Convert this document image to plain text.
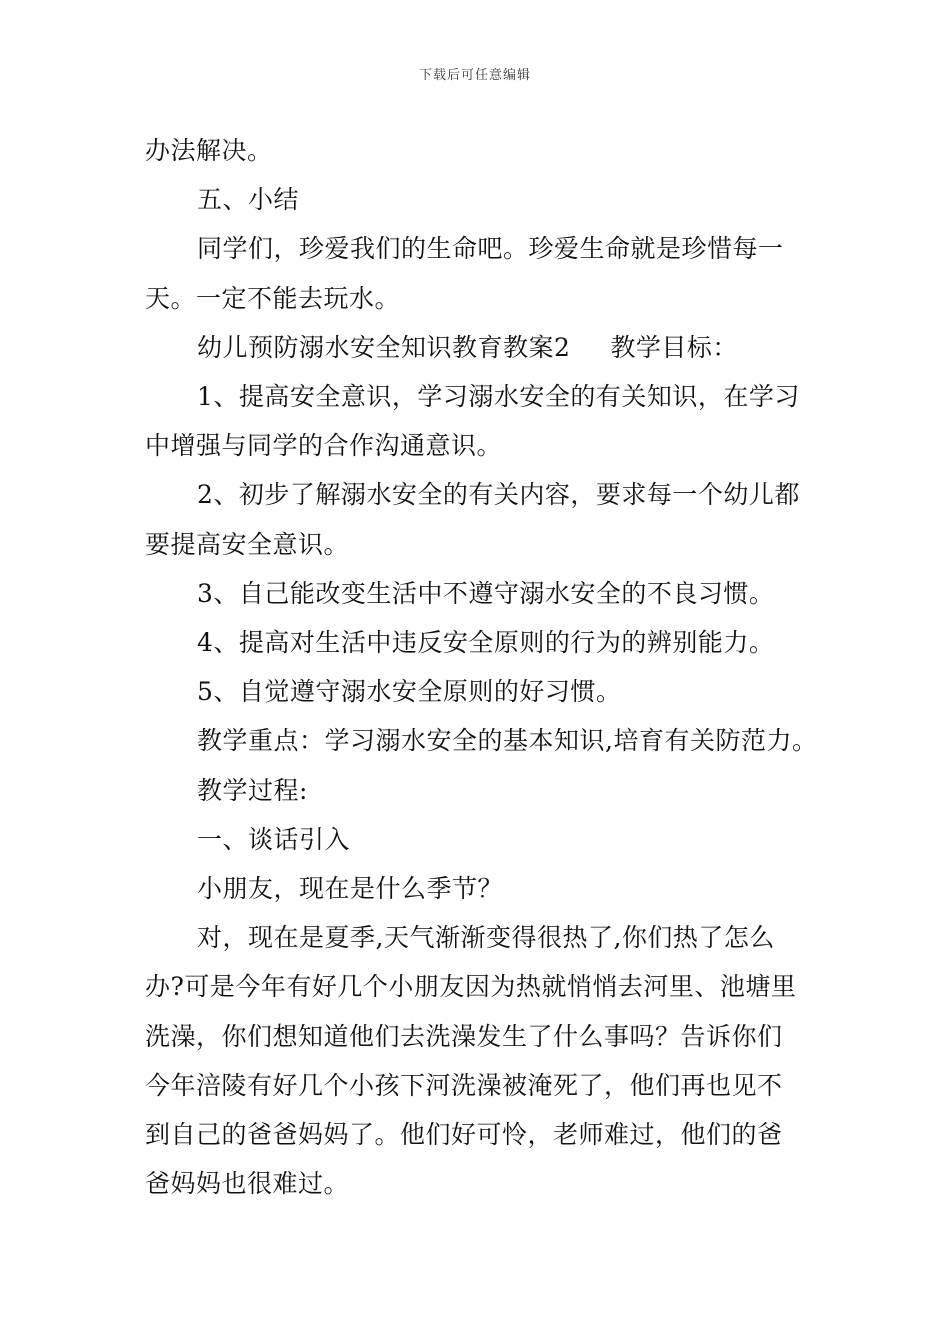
下载后可任意编辑

办法解决。

五、小结

同学们，珍爱我们的生命吧。珍爱生命就是珍惜每一
天。一定不能去玩水。

幼儿预防溺水安全知识教育教案2 教学目标：

1、提高安全意识，学习溺水安全的有关知识，在学习
中增强与同学的合作沟通意识。

2、初步了解溺水安全的有关内容，要求每一个幼儿都
要提高安全意识。

3、自己能改变生活中不遵守溺水安全的不良习惯。

4、提高对生活中违反安全原则的行为的辨别能力。

5、自觉遵守溺水安全原则的好习惯。

教学重点：学习溺水安全的基本知识,培育有关防范力。

教学过程:

一、谈话引入

小朋友，现在是什么季节？

对，现在是夏季,天气渐渐变得很热了,你们热了怎么
办?可是今年有好几个小朋友因为热就悄悄去河里、池塘里
洗澡，你们想知道他们去洗澡发生了什么事吗？告诉你们
今年涪陵有好几个小孩下河洗澡被淹死了，他们再也见不
到自己的爸爸妈妈了。他们好可怜，老师难过，他们的爸
爸妈妈也很难过。
